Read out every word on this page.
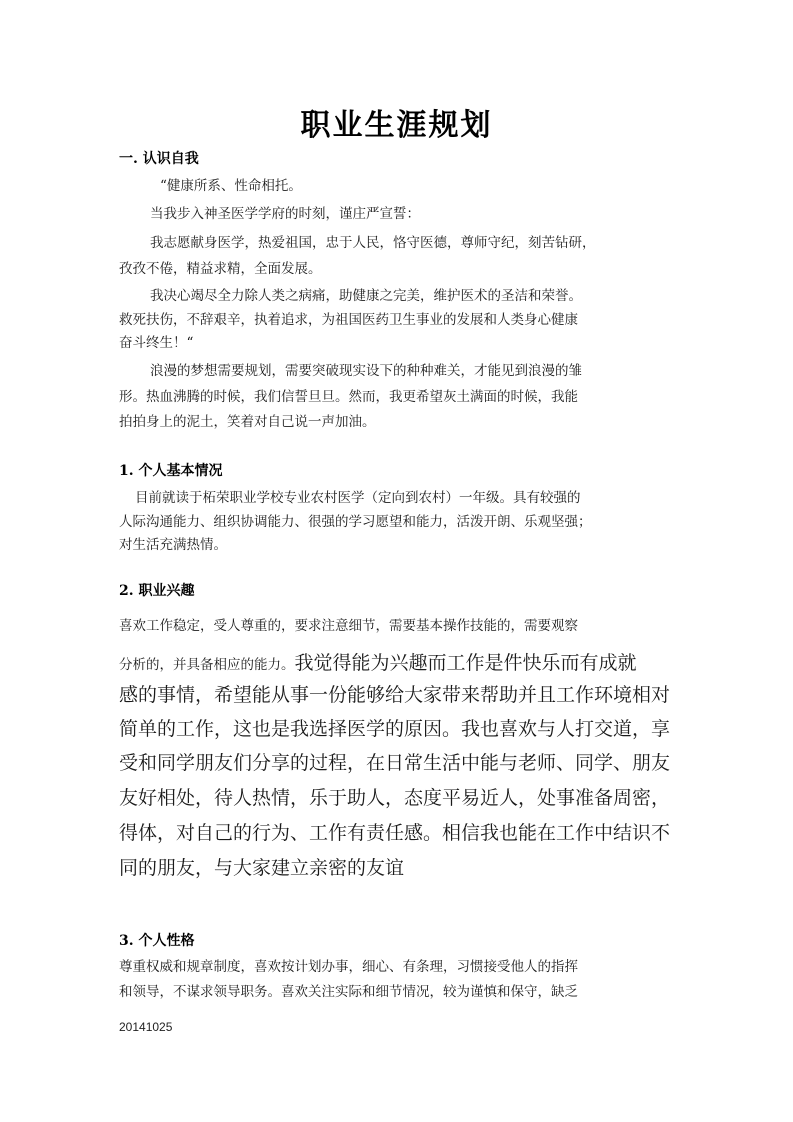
职业生涯规划
一. 认识自我
“健康所系、性命相托。
当我步入神圣医学学府的时刻，谨庄严宣誓：
我志愿献身医学，热爱祖国，忠于人民，恪守医德，尊师守纪，刻苦钻研，
孜孜不倦，精益求精，全面发展。
我决心竭尽全力除人类之病痛，助健康之完美，维护医术的圣洁和荣誉。
救死扶伤，不辞艰辛，执着追求，为祖国医药卫生事业的发展和人类身心健康
奋斗终生！“
浪漫的梦想需要规划，需要突破现实设下的种种难关，才能见到浪漫的雏
形。热血沸腾的时候，我们信誓旦旦。然而，我更希望灰土满面的时候，我能
拍拍身上的泥土，笑着对自己说一声加油。
1. 个人基本情况
目前就读于柘荣职业学校专业农村医学（定向到农村）一年级。具有较强的
人际沟通能力、组织协调能力、很强的学习愿望和能力，活泼开朗、乐观坚强；
对生活充满热情。
2. 职业兴趣
喜欢工作稳定，受人尊重的，要求注意细节，需要基本操作技能的，需要观察
分析的，并具备相应的能力。我觉得能为兴趣而工作是件快乐而有成就
感的事情，希望能从事一份能够给大家带来帮助并且工作环境相对
简单的工作，这也是我选择医学的原因。我也喜欢与人打交道，享
受和同学朋友们分享的过程，在日常生活中能与老师、同学、朋友
友好相处，待人热情，乐于助人，态度平易近人，处事准备周密，
得体，对自己的行为、工作有责任感。相信我也能在工作中结识不
同的朋友，与大家建立亲密的友谊
3. 个人性格
尊重权威和规章制度，喜欢按计划办事，细心、有条理，习惯接受他人的指挥
和领导，不谋求领导职务。喜欢关注实际和细节情况，较为谨慎和保守，缺乏
20141025
